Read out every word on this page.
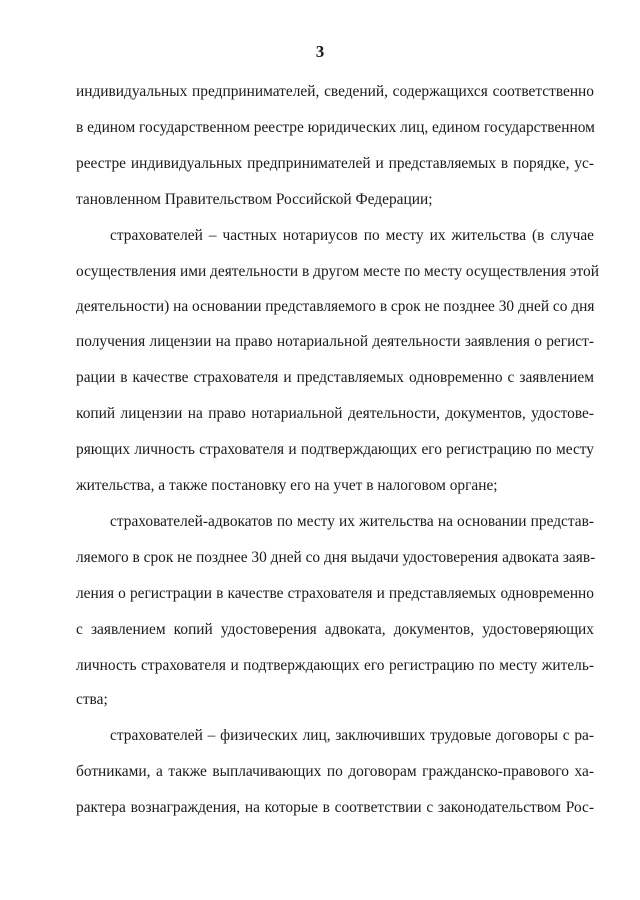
3
индивидуальных предпринимателей, сведений, содержащихся соответственно
в едином государственном реестре юридических лиц, едином государственном
реестре индивидуальных предпринимателей и представляемых в порядке, ус-
тановленном Правительством Российской Федерации;
страхователей – частных нотариусов по месту их жительства (в случае
осуществления ими деятельности в другом месте по месту осуществления этой
деятельности) на основании представляемого в срок не позднее 30 дней со дня
получения лицензии на право нотариальной деятельности заявления о регист-
рации в качестве страхователя и представляемых одновременно с заявлением
копий лицензии на право нотариальной деятельности, документов, удостове-
ряющих личность страхователя и подтверждающих его регистрацию по месту
жительства, а также постановку его на учет в налоговом органе;
страхователей-адвокатов по месту их жительства на основании представ-
ляемого в срок не позднее 30 дней со дня выдачи удостоверения адвоката заяв-
ления о регистрации в качестве страхователя и представляемых одновременно
с заявлением копий удостоверения адвоката, документов, удостоверяющих
личность страхователя и подтверждающих его регистрацию по месту житель-
ства;
страхователей – физических лиц, заключивших трудовые договоры с ра-
ботниками, а также выплачивающих по договорам гражданско-правового ха-
рактера вознаграждения, на которые в соответствии с законодательством Рос-
